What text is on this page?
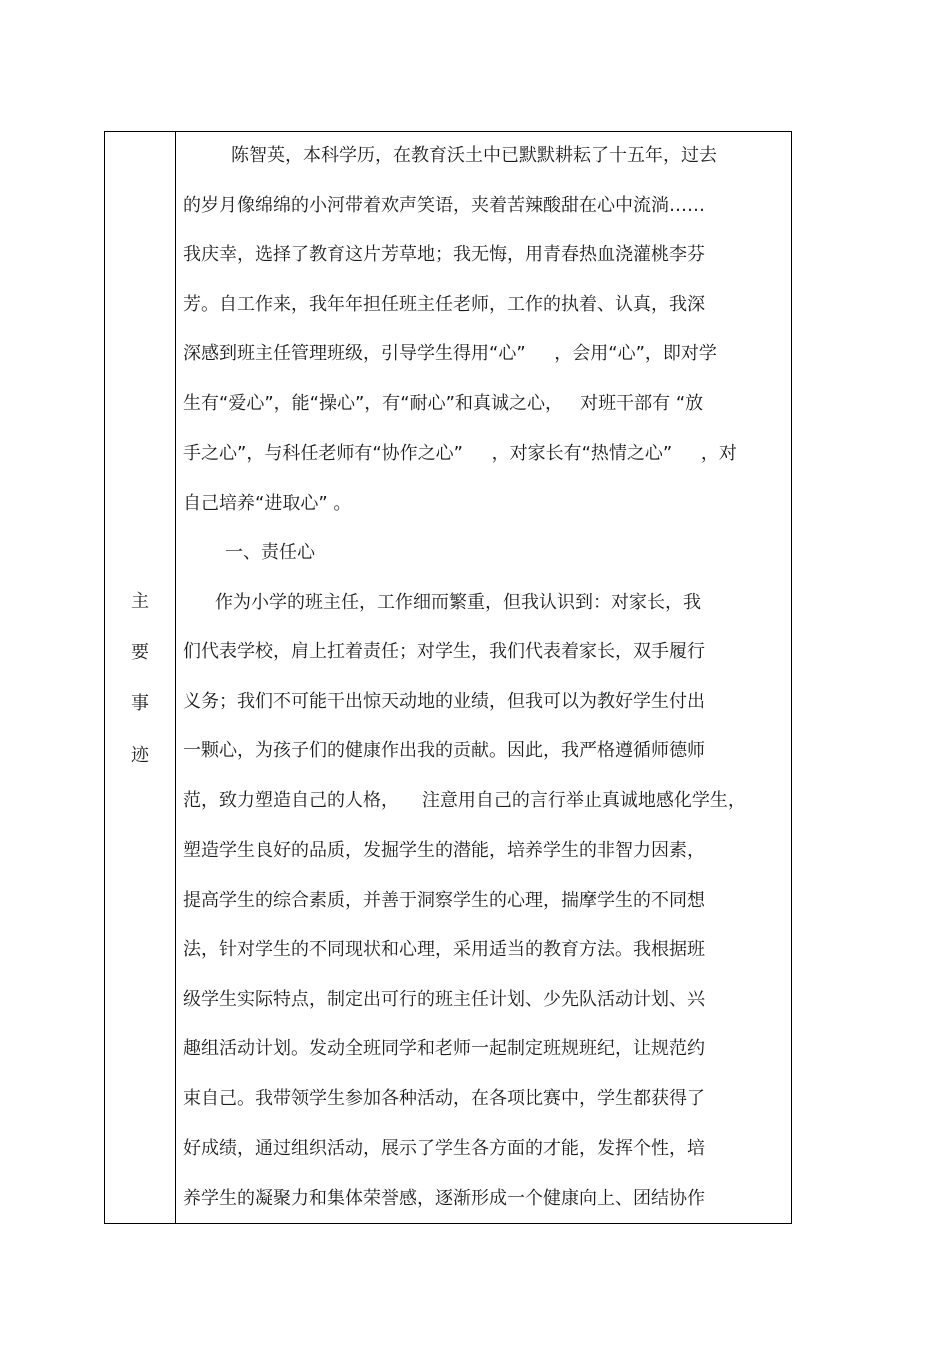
主
要
事
迹
陈智英，本科学历，在教育沃土中已默默耕耘了十五年，过去
的岁月像绵绵的小河带着欢声笑语，夹着苦辣酸甜在心中流淌……
我庆幸，选择了教育这片芳草地；我无悔，用青春热血浇灌桃李芬
芳。自工作来，我年年担任班主任老师，工作的执着、认真，我深
深感到班主任管理班级，引导学生得用“心”     ，会用“心”，即对学
生有“爱心”，能“操心”，有“耐心”和真诚之心，   对班干部有 “放
手之心”，与科任老师有“协作之心”     ，对家长有“热情之心”     ，对
自己培养“进取心” 。
一、责任心
作为小学的班主任，工作细而繁重，但我认识到：对家长，我
们代表学校，肩上扛着责任；对学生，我们代表着家长，双手履行
义务；我们不可能干出惊天动地的业绩，但我可以为教好学生付出
一颗心，为孩子们的健康作出我的贡献。因此，我严格遵循师德师
范，致力塑造自己的人格，    注意用自己的言行举止真诚地感化学生，
塑造学生良好的品质，发掘学生的潜能，培养学生的非智力因素，
提高学生的综合素质，并善于洞察学生的心理，揣摩学生的不同想
法，针对学生的不同现状和心理，采用适当的教育方法。我根据班
级学生实际特点，制定出可行的班主任计划、少先队活动计划、兴
趣组活动计划。发动全班同学和老师一起制定班规班纪，让规范约
束自己。我带领学生参加各种活动，在各项比赛中，学生都获得了
好成绩，通过组织活动，展示了学生各方面的才能，发挥个性，培
养学生的凝聚力和集体荣誉感，逐渐形成一个健康向上、团结协作
